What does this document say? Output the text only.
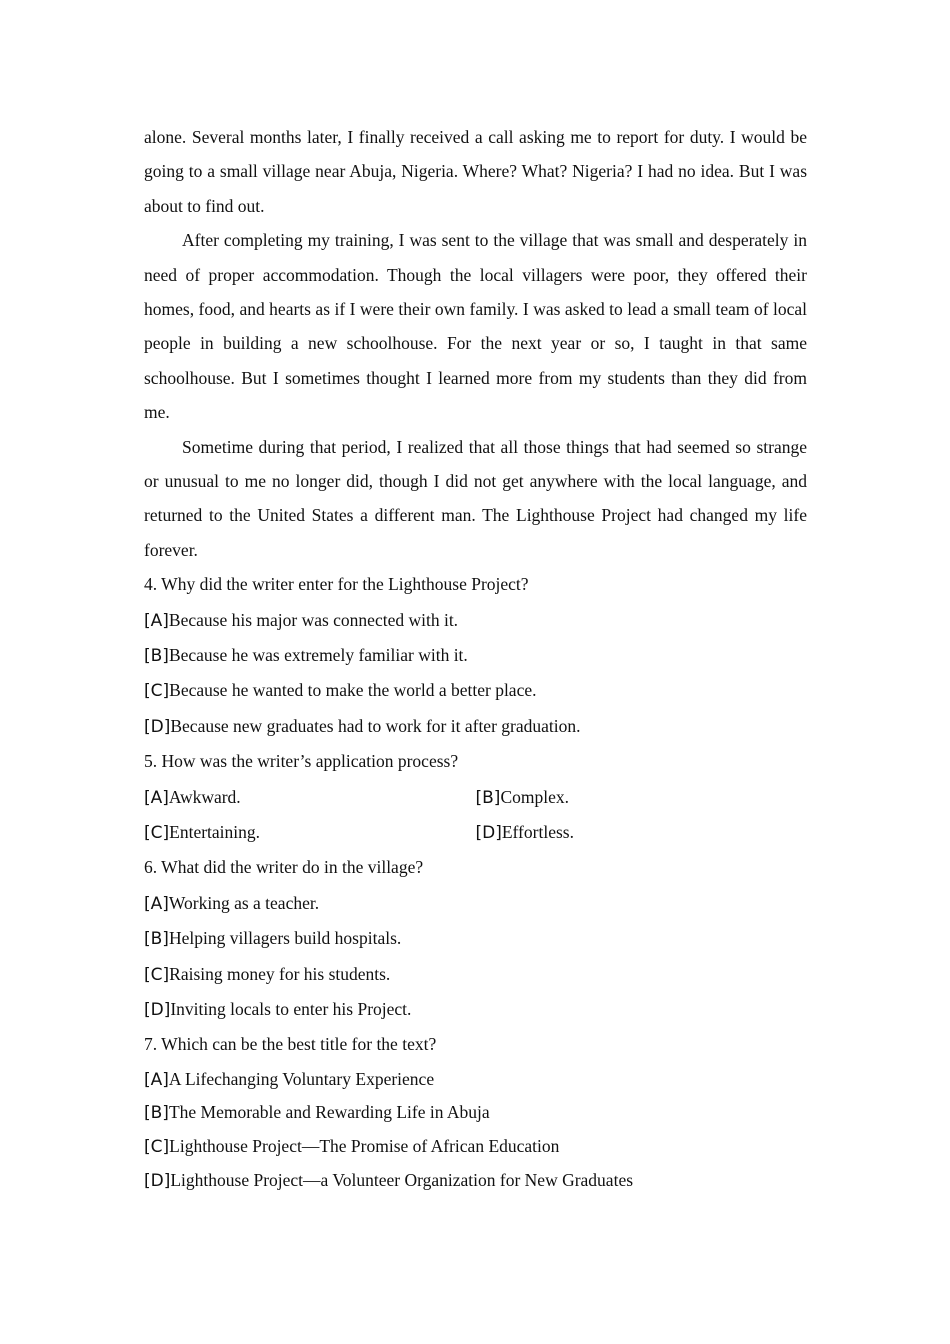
alone. Several months later, I finally received a call asking me to report for duty. I would be going to a small village near Abuja, Nigeria. Where? What? Nigeria? I had no idea. But I was about to find out.

After completing my training, I was sent to the village that was small and desperately in need of proper accommodation. Though the local villagers were poor, they offered their homes, food, and hearts as if I were their own family. I was asked to lead a small team of local people in building a new schoolhouse. For the next year or so, I taught in that same schoolhouse. But I sometimes thought I learned more from my students than they did from me.

Sometime during that period, I realized that all those things that had seemed so strange or unusual to me no longer did, though I did not get anywhere with the local language, and returned to the United States a different man. The Lighthouse Project had changed my life forever.

4. Why did the writer enter for the Lighthouse Project?

[A]Because his major was connected with it.

[B]Because he was extremely familiar with it.

[C]Because he wanted to make the world a better place.

[D]Because new graduates had to work for it after graduation.

5. How was the writer’s application process?

[A]Awkward.	[B]Complex.
[C]Entertaining.	[D]Effortless.

6. What did the writer do in the village?

[A]Working as a teacher.

[B]Helping villagers build hospitals.

[C]Raising money for his students.

[D]Inviting locals to enter his Project.

7. Which can be the best title for the text?

[A]A Lifechanging Voluntary Experience

[B]The Memorable and Rewarding Life in Abuja

[C]Lighthouse Project—The Promise of African Education

[D]Lighthouse Project—a Volunteer Organization for New Graduates
